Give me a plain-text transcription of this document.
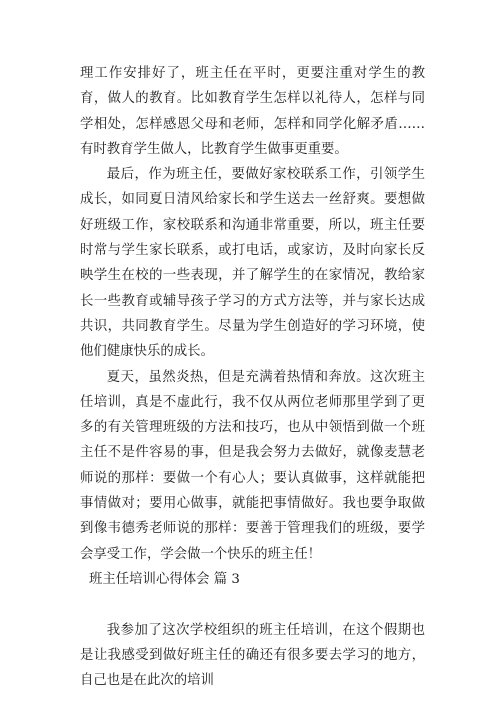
理工作安排好了，班主任在平时，更要注重对学生的教育，做人的教育。比如教育学生怎样以礼待人，怎样与同学相处，怎样感恩父母和老师，怎样和同学化解矛盾……有时教育学生做人，比教育学生做事更重要。

最后，作为班主任，要做好家校联系工作，引领学生成长，如同夏日清风给家长和学生送去一丝舒爽。要想做好班级工作，家校联系和沟通非常重要，所以，班主任要时常与学生家长联系，或打电话，或家访，及时向家长反映学生在校的一些表现，并了解学生的在家情况，教给家长一些教育或辅导孩子学习的方式方法等，并与家长达成共识，共同教育学生。尽量为学生创造好的学习环境，使他们健康快乐的成长。

夏天，虽然炎热，但是充满着热情和奔放。这次班主任培训，真是不虚此行，我不仅从两位老师那里学到了更多的有关管理班级的方法和技巧，也从中领悟到做一个班主任不是件容易的事，但是我会努力去做好，就像麦慧老师说的那样：要做一个有心人；要认真做事，这样就能把事情做对；要用心做事，就能把事情做好。我也要争取做到像韦德秀老师说的那样：要善于管理我们的班级，要学会享受工作，学会做一个快乐的班主任！

班主任培训心得体会 篇 3

我参加了这次学校组织的班主任培训，在这个假期也是让我感受到做好班主任的确还有很多要去学习的地方，自己也是在此次的培训
